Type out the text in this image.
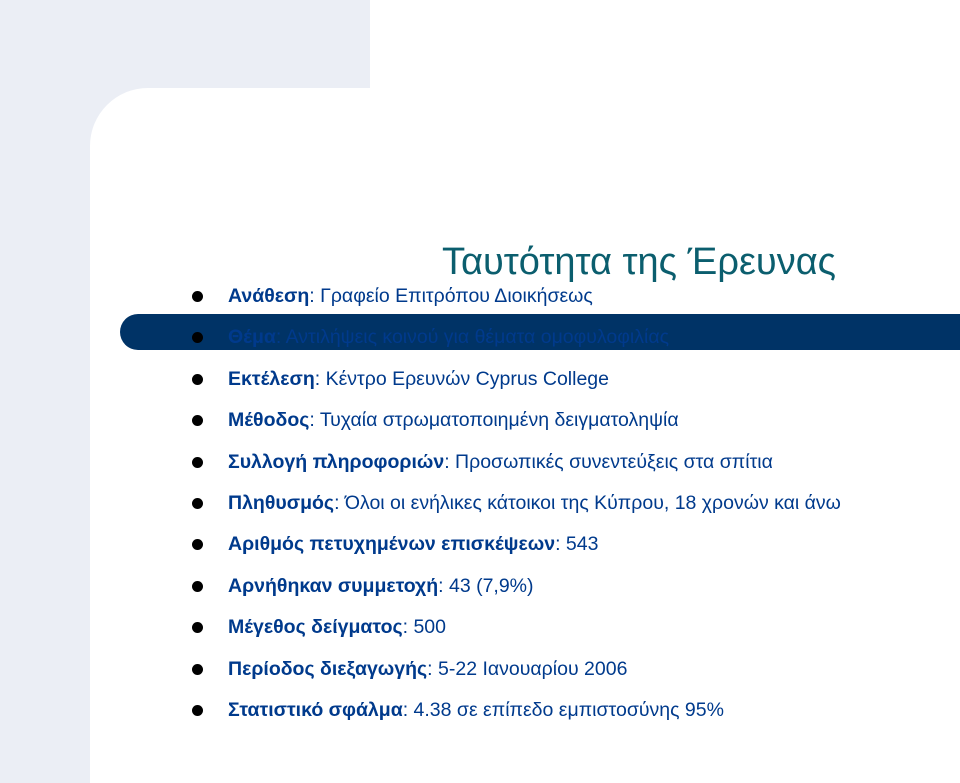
Ταυτότητα της Έρευνας
Ανάθεση: Γραφείο Επιτρόπου Διοικήσεως
Θέμα: Αντιλήψεις κοινού για θέματα ομοφυλοφιλίας
Εκτέλεση: Κέντρο Ερευνών Cyprus College
Μέθοδος: Τυχαία στρωματοποιημένη δειγματοληψία
Συλλογή πληροφοριών: Προσωπικές συνεντεύξεις στα σπίτια
Πληθυσμός: Όλοι οι ενήλικες κάτοικοι της Κύπρου, 18 χρονών και άνω
Αριθμός πετυχημένων επισκέψεων: 543
Αρνήθηκαν συμμετοχή: 43 (7,9%)
Μέγεθος δείγματος: 500
Περίοδος διεξαγωγής: 5-22 Ιανουαρίου 2006
Στατιστικό σφάλμα: 4.38 σε επίπεδο εμπιστοσύνης 95%
